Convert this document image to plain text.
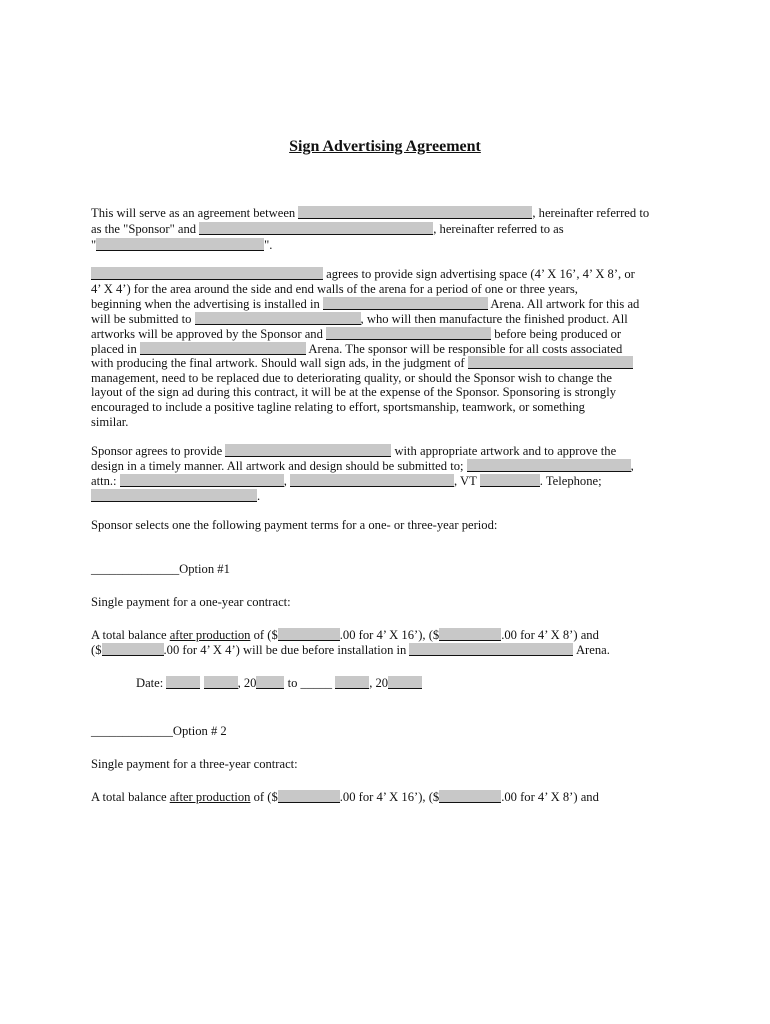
Sign Advertising Agreement
This will serve as an agreement between	, hereinafter referred to
as the "Sponsor" and	, hereinafter referred to as
"	".
agrees to provide sign advertising space (4’ X 16’, 4’ X 8’, or
4’ X 4’) for the area around the side and end walls of the arena for a period of one or three years,
beginning when the advertising is installed in	Arena. All artwork for this ad
will be submitted to	, who will then manufacture the finished product. All
artworks will be approved by the Sponsor and	before being produced or
placed in	Arena. The sponsor will be responsible for all costs associated
with producing the final artwork. Should wall sign ads, in the judgment of
management, need to be replaced due to deteriorating quality, or should the Sponsor wish to change the
layout of the sign ad during this contract, it will be at the expense of the Sponsor. Sponsoring is strongly
encouraged to include a positive tagline relating to effort, sportsmanship, teamwork, or something
similar.
Sponsor agrees to provide	with appropriate artwork and to approve the
design in a timely manner. All artwork and design should be submitted to;	,
attn.:	,	, VT	. Telephone;
.
Sponsor selects one the following payment terms for a one- or three-year period:
______________Option #1
Single payment for a one-year contract:
A total balance after production of ($	.00 for 4’ X 16’), ($	.00 for 4’ X 8’) and
($	.00 for 4’ X 4’) will be due before installation in	Arena.
Date:	, 20 to _____	, 20
_____________Option # 2
Single payment for a three-year contract:
A total balance after production of ($	.00 for 4’ X 16’), ($	.00 for 4’ X 8’) and
